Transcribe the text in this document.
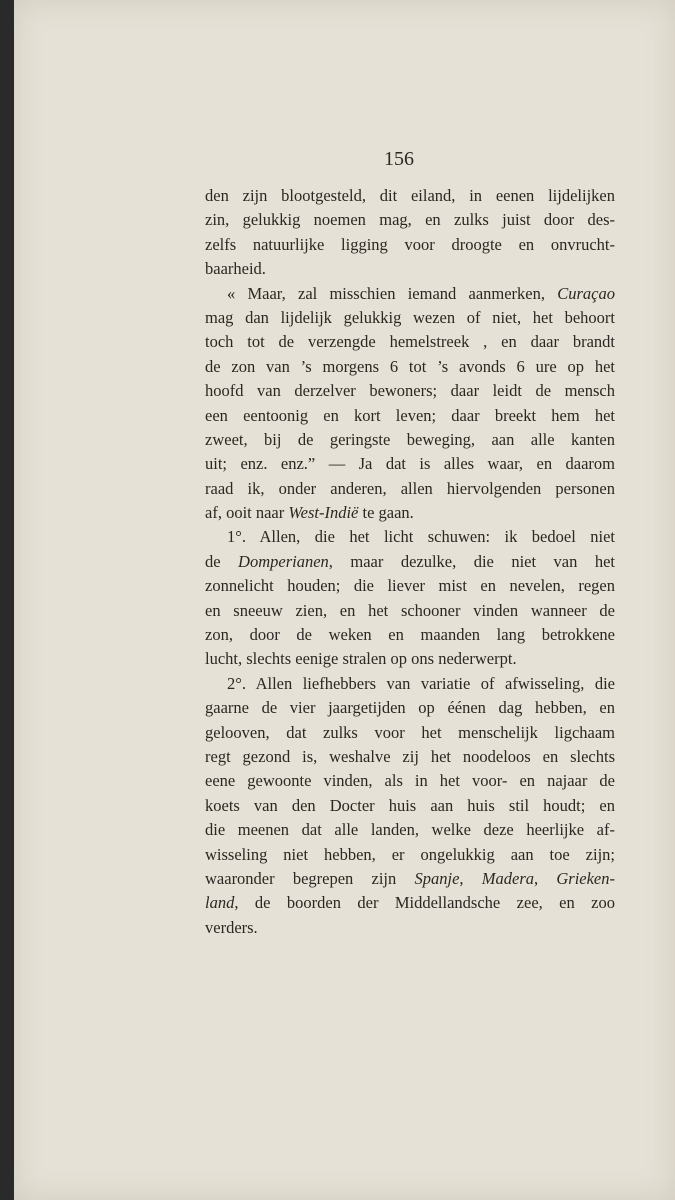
156
den zijn blootgesteld, dit eiland, in eenen lijdelijken
zin, gelukkig noemen mag, en zulks juist door des-
zelfs natuurlijke ligging voor droogte en onvrucht-
baarheid.
« Maar, zal misschien iemand aanmerken, Curaçao
mag dan lijdelijk gelukkig wezen of niet, het behoort
toch tot de verzengde hemelstreek , en daar brandt
de zon van ’s morgens 6 tot ’s avonds 6 ure op het
hoofd van derzelver bewoners; daar leidt de mensch
een eentoonig en kort leven; daar breekt hem het
zweet, bij de geringste beweging, aan alle kanten
uit; enz. enz.” — Ja dat is alles waar, en daarom
raad ik, onder anderen, allen hiervolgenden personen
af, ooit naar West-Indië te gaan.
1°. Allen, die het licht schuwen: ik bedoel niet
de Domperianen, maar dezulke, die niet van het
zonnelicht houden; die liever mist en nevelen, regen
en sneeuw zien, en het schooner vinden wanneer de
zon, door de weken en maanden lang betrokkene
lucht, slechts eenige stralen op ons nederwerpt.
2°. Allen liefhebbers van variatie of afwisseling, die
gaarne de vier jaargetijden op éénen dag hebben, en
gelooven, dat zulks voor het menschelijk ligchaam
regt gezond is, weshalve zij het noodeloos en slechts
eene gewoonte vinden, als in het voor- en najaar de
koets van den Docter huis aan huis stil houdt; en
die meenen dat alle landen, welke deze heerlijke af-
wisseling niet hebben, er ongelukkig aan toe zijn;
waaronder begrepen zijn Spanje, Madera, Grieken-
land, de boorden der Middellandsche zee, en zoo
verders.
